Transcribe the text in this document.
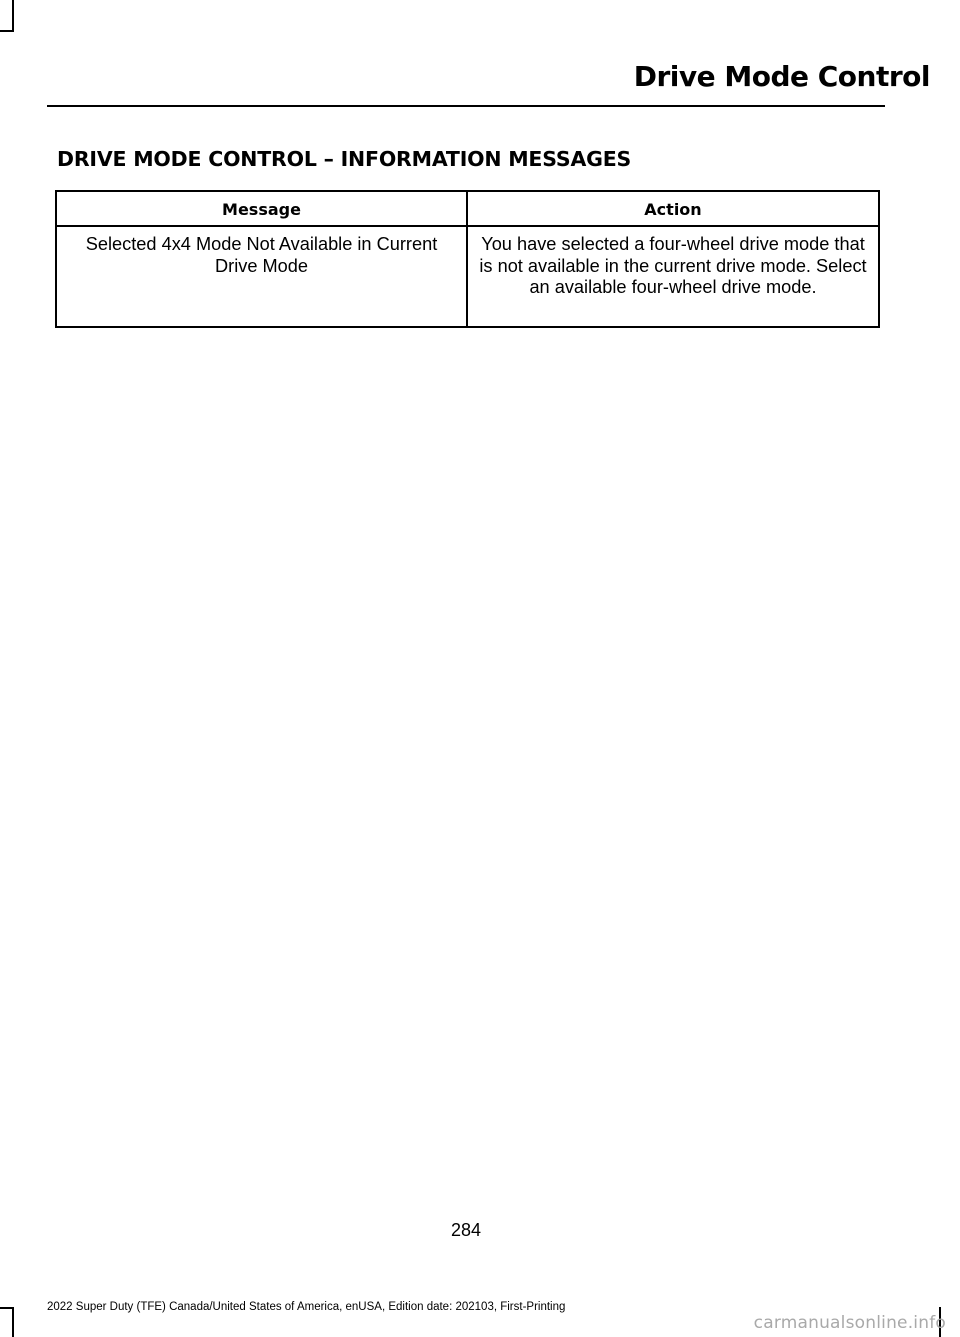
Drive Mode Control
DRIVE MODE CONTROL – INFORMATION MESSAGES
Message	Action
Selected 4x4 Mode Not Available in Current Drive Mode	You have selected a four-wheel drive mode that is not available in the current drive mode. Select an available four-wheel drive mode.
284
2022 Super Duty (TFE) Canada/United States of America, enUSA, Edition date: 202103, First-Printing
carmanualsonline.info
